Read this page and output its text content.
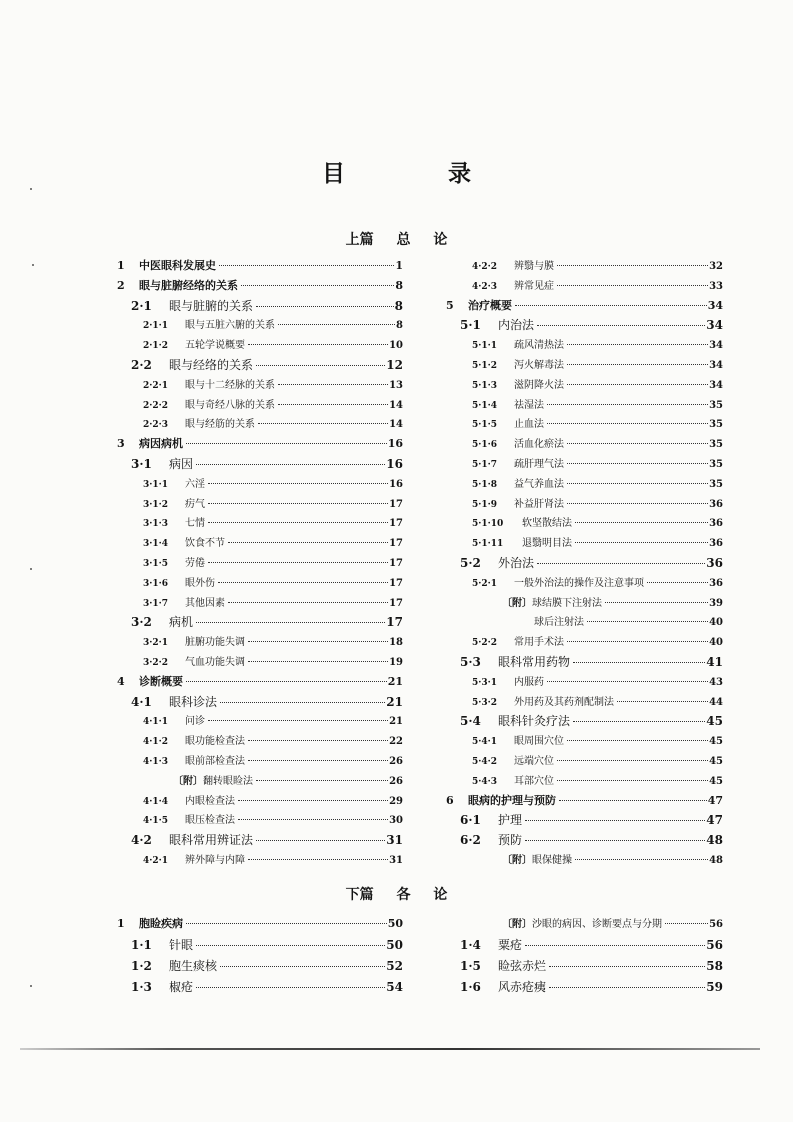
目　录
上篇 总 论
1	中医眼科发展史	1
2	眼与脏腑经络的关系	8
2·1	眼与脏腑的关系	8
2·1·1	眼与五脏六腑的关系	8
2·1·2	五轮学说概要	10
2·2	眼与经络的关系	12
2·2·1	眼与十二经脉的关系	13
2·2·2	眼与奇经八脉的关系	14
2·2·3	眼与经筋的关系	14
3	病因病机	16
3·1	病因	16
3·1·1	六淫	16
3·1·2	疠气	17
3·1·3	七情	17
3·1·4	饮食不节	17
3·1·5	劳倦	17
3·1·6	眼外伤	17
3·1·7	其他因素	17
3·2	病机	17
3·2·1	脏腑功能失调	18
3·2·2	气血功能失调	19
4	诊断概要	21
4·1	眼科诊法	21
4·1·1	问诊	21
4·1·2	眼功能检查法	22
4·1·3	眼前部检查法	26
〔附〕 翻转眼睑法	26
4·1·4	内眼检查法	29
4·1·5	眼压检查法	30
4·2	眼科常用辨证法	31
4·2·1	辨外障与内障	31
4·2·2	辨翳与膜	32
4·2·3	辨常见症	33
5	治疗概要	34
5·1	内治法	34
5·1·1	疏风清热法	34
5·1·2	泻火解毒法	34
5·1·3	滋阴降火法	34
5·1·4	祛湿法	35
5·1·5	止血法	35
5·1·6	活血化瘀法	35
5·1·7	疏肝理气法	35
5·1·8	益气养血法	35
5·1·9	补益肝肾法	36
5·1·10	软坚散结法	36
5·1·11	退翳明目法	36
5·2	外治法	36
5·2·1	一般外治法的操作及注意事项	36
〔附〕 球结膜下注射法	39
球后注射法	40
5·2·2	常用手术法	40
5·3	眼科常用药物	41
5·3·1	内服药	43
5·3·2	外用药及其药剂配制法	44
5·4	眼科针灸疗法	45
5·4·1	眼周围穴位	45
5·4·2	远端穴位	45
5·4·3	耳部穴位	45
6	眼病的护理与预防	47
6·1	护理	47
6·2	预防	48
〔附〕 眼保健操	48
下篇 各 论
1	胞睑疾病	50
1·1	针眼	50
1·2	胞生痰核	52
1·3	椒疮	54
〔附〕 沙眼的病因、诊断要点与分期	56
1·4	粟疮	56
1·5	睑弦赤烂	58
1·6	风赤疮痍	59
